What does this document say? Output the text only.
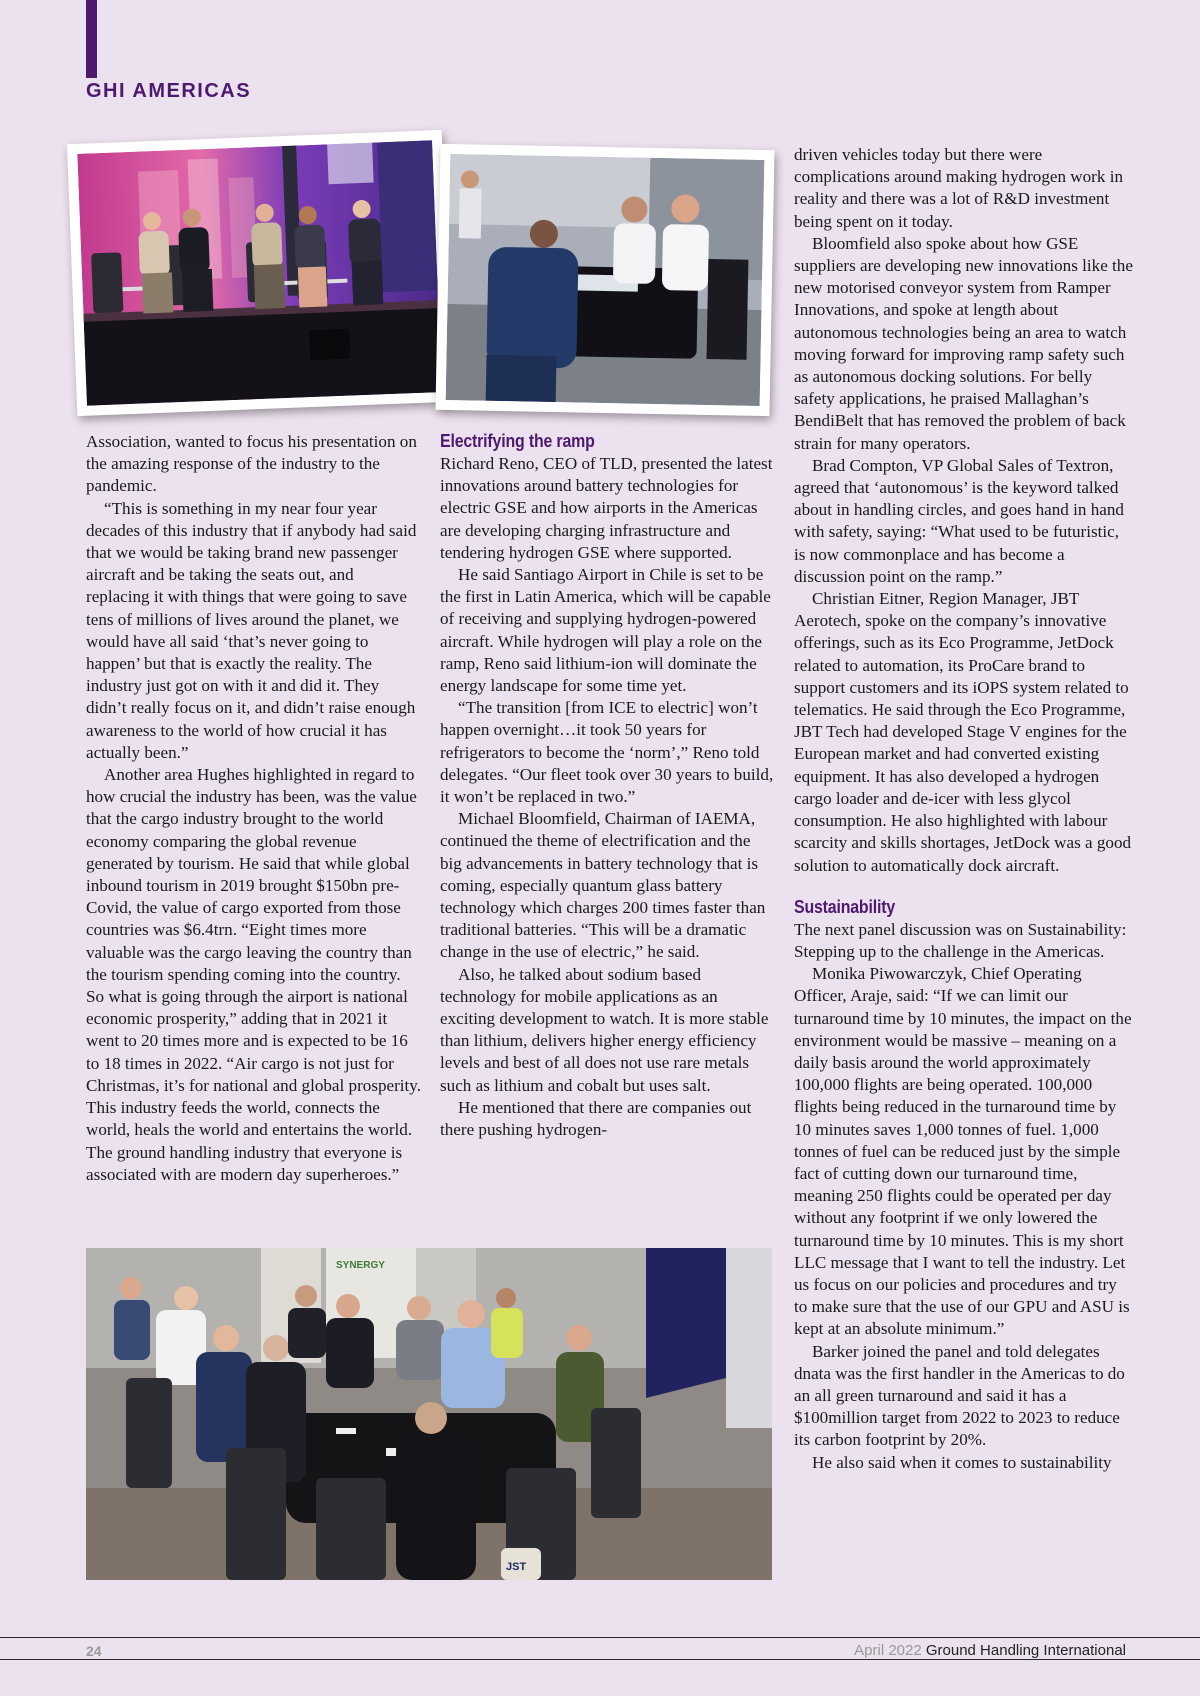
GHI AMERICAS

Association, wanted to focus his presentation on the amazing response of the industry to the pandemic.

“This is something in my near four year decades of this industry that if anybody had said that we would be taking brand new passenger aircraft and be taking the seats out, and replacing it with things that were going to save tens of millions of lives around the planet, we would have all said ‘that’s never going to happen’ but that is exactly the reality. The industry just got on with it and did it. They didn’t really focus on it, and didn’t raise enough awareness to the world of how crucial it has actually been.”

Another area Hughes highlighted in regard to how crucial the industry has been, was the value that the cargo industry brought to the world economy comparing the global revenue generated by tourism. He said that while global inbound tourism in 2019 brought $150bn pre-Covid, the value of cargo exported from those countries was $6.4trn. “Eight times more valuable was the cargo leaving the country than the tourism spending coming into the country. So what is going through the airport is national economic prosperity,” adding that in 2021 it went to 20 times more and is expected to be 16 to 18 times in 2022. “Air cargo is not just for Christmas, it’s for national and global prosperity. This industry feeds the world, connects the world, heals the world and entertains the world. The ground handling industry that everyone is associated with are modern day superheroes.”

Electrifying the ramp

Richard Reno, CEO of TLD, presented the latest innovations around battery technologies for electric GSE and how airports in the Americas are developing charging infrastructure and tendering hydrogen GSE where supported.

He said Santiago Airport in Chile is set to be the first in Latin America, which will be capable of receiving and supplying hydrogen-powered aircraft. While hydrogen will play a role on the ramp, Reno said lithium-ion will dominate the energy landscape for some time yet.

“The transition [from ICE to electric] won’t happen overnight…it took 50 years for refrigerators to become the ‘norm’,” Reno told delegates. “Our fleet took over 30 years to build, it won’t be replaced in two.”

Michael Bloomfield, Chairman of IAEMA, continued the theme of electrification and the big advancements in battery technology that is coming, especially quantum glass battery technology which charges 200 times faster than traditional batteries. “This will be a dramatic change in the use of electric,” he said.

Also, he talked about sodium based technology for mobile applications as an exciting development to watch. It is more stable than lithium, delivers higher energy efficiency levels and best of all does not use rare metals such as lithium and cobalt but uses salt.

He mentioned that there are companies out there pushing hydrogen-

driven vehicles today but there were complications around making hydrogen work in reality and there was a lot of R&D investment being spent on it today.

Bloomfield also spoke about how GSE suppliers are developing new innovations like the new motorised conveyor system from Ramper Innovations, and spoke at length about autonomous technologies being an area to watch moving forward for improving ramp safety such as autonomous docking solutions. For belly safety applications, he praised Mallaghan’s BendiBelt that has removed the problem of back strain for many operators.

Brad Compton, VP Global Sales of Textron, agreed that ‘autonomous’ is the keyword talked about in handling circles, and goes hand in hand with safety, saying: “What used to be futuristic, is now commonplace and has become a discussion point on the ramp.”

Christian Eitner, Region Manager, JBT Aerotech, spoke on the company’s innovative offerings, such as its Eco Programme, JetDock related to automation, its ProCare brand to support customers and its iOPS system related to telematics. He said through the Eco Programme, JBT Tech had developed Stage V engines for the European market and had converted existing equipment. It has also developed a hydrogen cargo loader and de-icer with less glycol consumption. He also highlighted with labour scarcity and skills shortages, JetDock was a good solution to automatically dock aircraft.

Sustainability

The next panel discussion was on Sustainability: Stepping up to the challenge in the Americas.

Monika Piwowarczyk, Chief Operating Officer, Araje, said: “If we can limit our turnaround time by 10 minutes, the impact on the environment would be massive – meaning on a daily basis around the world approximately 100,000 flights are being operated. 100,000 flights being reduced in the turnaround time by 10 minutes saves 1,000 tonnes of fuel. 1,000 tonnes of fuel can be reduced just by the simple fact of cutting down our turnaround time, meaning 250 flights could be operated per day without any footprint if we only lowered the turnaround time by 10 minutes. This is my short LLC message that I want to tell the industry. Let us focus on our policies and procedures and try to make sure that the use of our GPU and ASU is kept at an absolute minimum.”

Barker joined the panel and told delegates dnata was the first handler in the Americas to do an all green turnaround and said it has a $100million target from 2022 to 2023 to reduce its carbon footprint by 20%.

He also said when it comes to sustainability

SYNERGY
JST
24	April 2022 Ground Handling International
